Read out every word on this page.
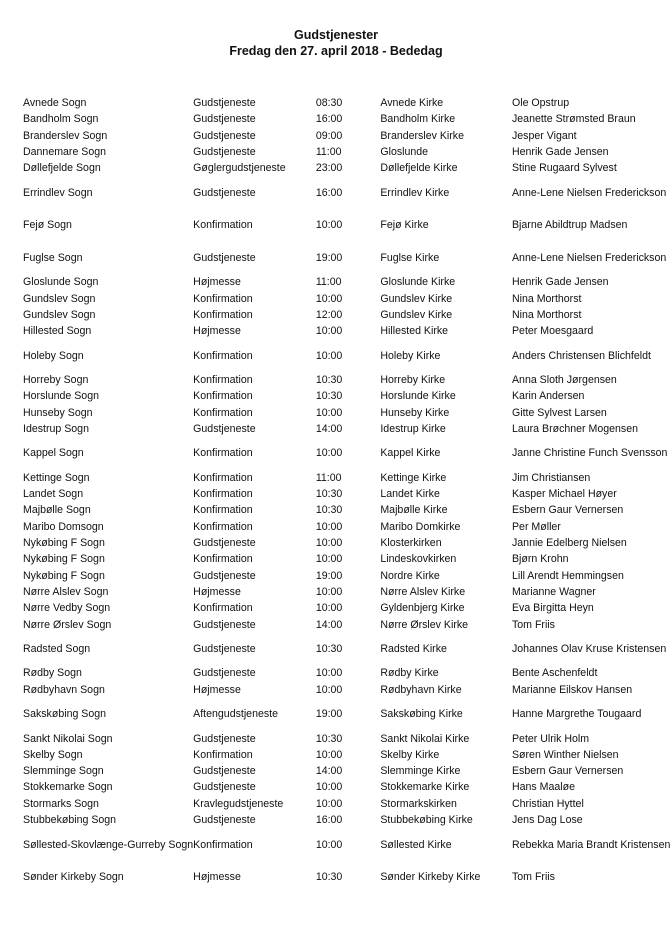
Gudstjenester
Fredag den 27. april 2018 - Bededag
Avnede Sogn	Gudstjeneste	08:30	Avnede Kirke	Ole Opstrup
Bandholm Sogn	Gudstjeneste	16:00	Bandholm Kirke	Jeanette Strømsted Braun
Branderslev Sogn	Gudstjeneste	09:00	Branderslev Kirke	Jesper Vigant
Dannemare Sogn	Gudstjeneste	11:00	Gloslunde	Henrik Gade Jensen
Døllefjelde Sogn	Gøglergudstjeneste	23:00	Døllefjelde Kirke	Stine Rugaard Sylvest
Errindlev Sogn	Gudstjeneste	16:00	Errindlev Kirke	Anne-Lene Nielsen Frederickson
Fejø Sogn	Konfirmation	10:00	Fejø Kirke	Bjarne Abildtrup Madsen
Fuglse Sogn	Gudstjeneste	19:00	Fuglse Kirke	Anne-Lene Nielsen Frederickson
Gloslunde Sogn	Højmesse	11:00	Gloslunde Kirke	Henrik Gade Jensen
Gundslev Sogn	Konfirmation	10:00	Gundslev Kirke	Nina Morthorst
Gundslev Sogn	Konfirmation	12:00	Gundslev Kirke	Nina Morthorst
Hillested Sogn	Højmesse	10:00	Hillested Kirke	Peter Moesgaard
Holeby Sogn	Konfirmation	10:00	Holeby Kirke	Anders Christensen Blichfeldt
Horreby Sogn	Konfirmation	10:30	Horreby Kirke	Anna Sloth Jørgensen
Horslunde Sogn	Konfirmation	10:30	Horslunde Kirke	Karin Andersen
Hunseby Sogn	Konfirmation	10:00	Hunseby Kirke	Gitte Sylvest Larsen
Idestrup Sogn	Gudstjeneste	14:00	Idestrup Kirke	Laura Brøchner Mogensen
Kappel Sogn	Konfirmation	10:00	Kappel Kirke	Janne Christine Funch Svensson
Kettinge Sogn	Konfirmation	11:00	Kettinge Kirke	Jim Christiansen
Landet Sogn	Konfirmation	10:30	Landet Kirke	Kasper Michael Høyer
Majbølle Sogn	Konfirmation	10:30	Majbølle Kirke	Esbern Gaur Vernersen
Maribo Domsogn	Konfirmation	10:00	Maribo Domkirke	Per Møller
Nykøbing F Sogn	Gudstjeneste	10:00	Klosterkirken	Jannie Edelberg Nielsen
Nykøbing F Sogn	Konfirmation	10:00	Lindeskovkirken	Bjørn Krohn
Nykøbing F Sogn	Gudstjeneste	19:00	Nordre Kirke	Lill Arendt Hemmingsen
Nørre Alslev Sogn	Højmesse	10:00	Nørre Alslev Kirke	Marianne Wagner
Nørre Vedby Sogn	Konfirmation	10:00	Gyldenbjerg Kirke	Eva Birgitta Heyn
Nørre Ørslev Sogn	Gudstjeneste	14:00	Nørre Ørslev Kirke	Tom Friis
Radsted Sogn	Gudstjeneste	10:30	Radsted Kirke	Johannes Olav Kruse Kristensen
Rødby Sogn	Gudstjeneste	10:00	Rødby Kirke	Bente Aschenfeldt
Rødbyhavn Sogn	Højmesse	10:00	Rødbyhavn Kirke	Marianne Eilskov Hansen
Sakskøbing Sogn	Aftengudstjeneste	19:00	Sakskøbing Kirke	Hanne Margrethe Tougaard
Sankt Nikolai Sogn	Gudstjeneste	10:30	Sankt Nikolai Kirke	Peter Ulrik Holm
Skelby Sogn	Konfirmation	10:00	Skelby Kirke	Søren Winther Nielsen
Slemminge Sogn	Gudstjeneste	14:00	Slemminge Kirke	Esbern Gaur Vernersen
Stokkemarke Sogn	Gudstjeneste	10:00	Stokkemarke Kirke	Hans Maaløe
Stormarks Sogn	Kravlegudstjeneste	10:00	Stormarkskirken	Christian Hyttel
Stubbekøbing Sogn	Gudstjeneste	16:00	Stubbekøbing Kirke	Jens Dag Lose
Søllested-Skovlænge-Gurreby Sogn	Konfirmation	10:00	Søllested Kirke	Rebekka Maria Brandt Kristensen
Sønder Kirkeby Sogn	Højmesse	10:30	Sønder Kirkeby Kirke	Tom Friis
